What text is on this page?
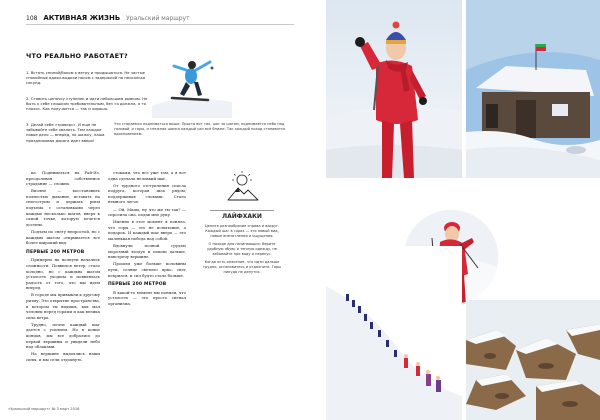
108 АКТИВНАЯ ЖИЗНЬ Уральский маршрут
ЧТО РЕАЛЬНО РАБОТАЕТ?
1. Встать спиной/боком к ветру и продышаться. Не частые спокойные вдохи-выдохи носом с задержкой на несколько секунд.
2. Ставить цепочку ступенек и идти небольшим рывком. Не быть к себе слишком требовательным, без «я должна, а то плохо». Как получается — так и хорошо.
3. Делай себе «траверс». И еще не забывайте себе хвалить. Тем каждое новое дело — вперед, по шажку, наша праздниковая дорога идет вверх!
Что стараемся подниматься выше. Просто вот так, шаг за шагом, поднимается небо над головой, и горы, и снежная шапка каждый раз всё ближе. Так каждый поход становится вдохновением.

ка. Подниматься на Рай-Из, преодолевая собственное страдание — сложно.

Вполне — восстановить полностью дыхание, вставать на снегоступы и держать ритм подъема с остановками через каждые несколько шагов, вверх к самой точке, которую хочется достичь.

Подъем по снегу непростой, но с каждым шагом открывается все более широкий вид.

ПЕРВЫЕ 200 МЕТРОВ

Примерно на полпути начались сложности. Появился ветер, стало холодно, но с каждым шагом усталость уходила и появлялась радость от того, что мы идем вперед.

В городе мы привыкли к другому ритму. Это открытие пространства, в котором ты видишь, как мал человек перед горами и как велика сила ветра.

Трудно, почти каждый шаг дается с усилием. Но в конце концов, мы все добрались до первой вершины и увидели небо над облаками.

На вершине выдохлись наши силы, и мы сели отдохнуть.

стоками, что все уже там, а я вот одна сделала неловкий шаг.

От трудного отступления спасла подруга, которая шла рядом, поддерживая словами. Стало немного легче.

— Ой, Маша, ну что же ты так? — спросила она, подав мне руку.

Именно в этот момент я поняла, что горы — это не испытание, а подарок. И каждый шаг вверх — это маленькая победа над собой.

Вдохнули полной грудью морозный воздух и пошли дальше, навстречу вершине.

Прошли уже больше половины пути, солнце светило ярко, снег искрился, и сил будто стало больше.

ПЕРВЫЕ 200 МЕТРОВ

В какой-то момент мы поняли, что усталость — это просто сигнал организма.

ЛАЙФХАКИ
Цените разнообразие справа и вокруг. Каждый шаг в горах — это новый вид, новые впечатления и ощущения.
О походе для начинающих: берите удобную обувь и теплую одежду, не забывайте про воду и перекус.
Когда есть опасение, что идти дальше трудно, остановитесь и отдохните. Горы никуда не денутся.
«Уральский маршрут» № 3 март 2016
